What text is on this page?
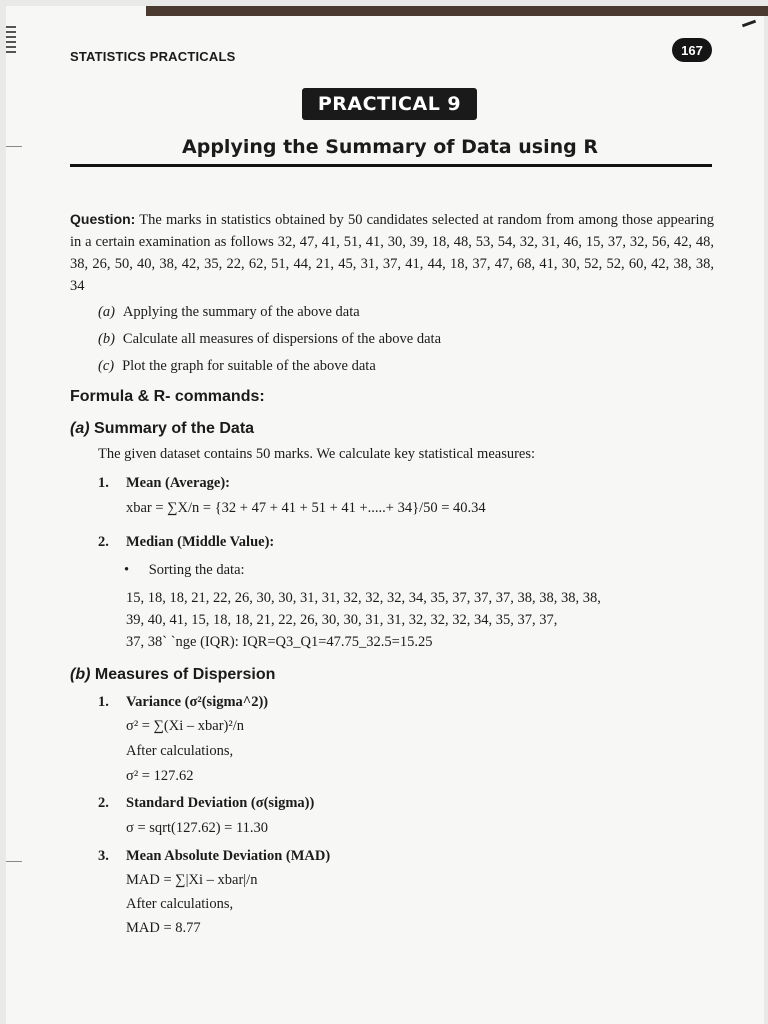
STATISTICS PRACTICALS	167
PRACTICAL 9
Applying the Summary of Data using R
Question: The marks in statistics obtained by 50 candidates selected at random from among those appearing in a certain examination as follows 32, 47, 41, 51, 41, 30, 39, 18, 48, 53, 54, 32, 31, 46, 15, 37, 32, 56, 42, 48, 38, 26, 50, 40, 38, 42, 35, 22, 62, 51, 44, 21, 45, 31, 37, 41, 44, 18, 37, 47, 68, 41, 30, 52, 52, 60, 42, 38, 38, 34
(a) Applying the summary of the above data
(b) Calculate all measures of dispersions of the above data
(c) Plot the graph for suitable of the above data
Formula & R- commands:
(a) Summary of the Data
The given dataset contains 50 marks. We calculate key statistical measures:
1. Mean (Average):
xbar = ∑X/n = {32 + 47 + 41 + 51 + 41 +.....+ 34}/50 = 40.34
2. Median (Middle Value):
• Sorting the data:
15, 18, 18, 21, 22, 26, 30, 30, 31, 31, 32, 32, 32, 34, 35, 37, 37, 37, 38, 38, 38, 38,
39, 40, 41, 15, 18, 18, 21, 22, 26, 30, 30, 31, 31, 32, 32, 32, 34, 35, 37, 37,
37, 38` `nge (IQR): IQR=Q3_Q1=47.75_32.5=15.25
(b) Measures of Dispersion
1. Variance (σ²(sigma^2))
σ² = ∑(Xi – xbar)²/n
After calculations,
σ² = 127.62
2. Standard Deviation (σ(sigma))
σ = sqrt(127.62) = 11.30
3. Mean Absolute Deviation (MAD)
MAD = ∑|Xi – xbar|/n
After calculations,
MAD = 8.77
